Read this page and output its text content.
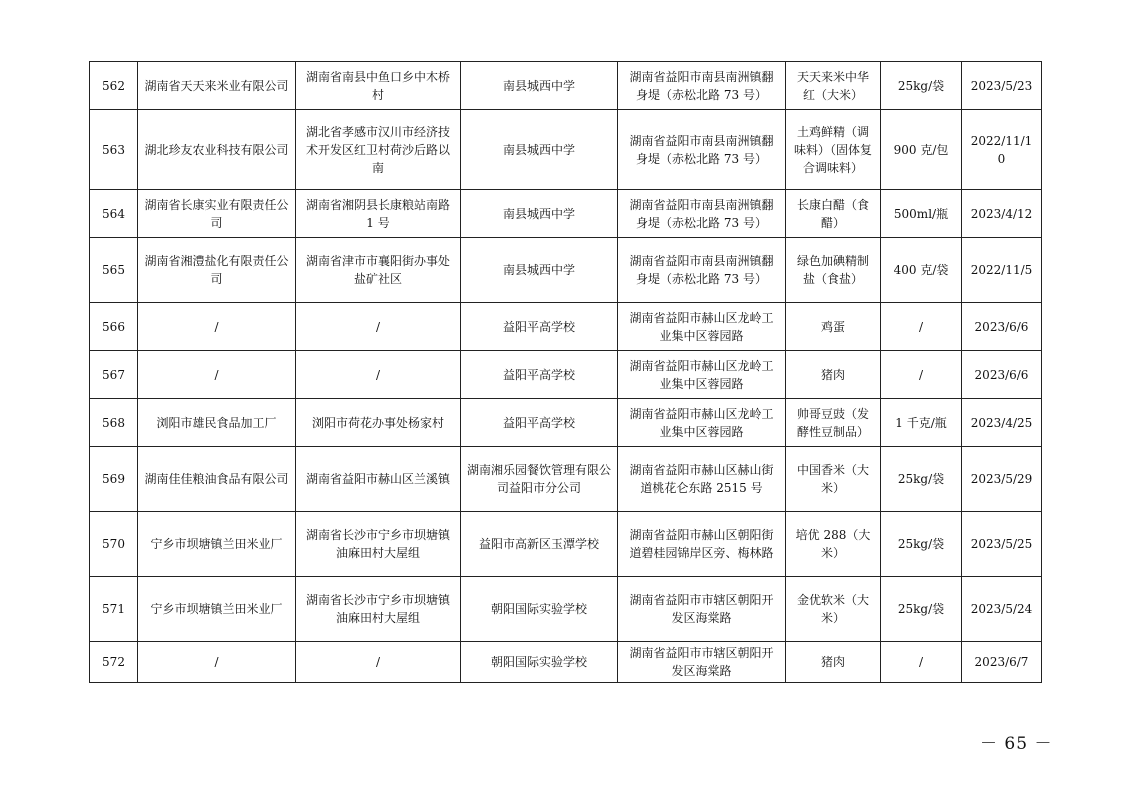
562	湖南省天天来米业有限公司	湖南省南县中鱼口乡中木桥村	南县城西中学	湖南省益阳市南县南洲镇翻身堤（赤松北路 73 号）	天天来米中华红（大米）	25kg/袋	2023/5/23
563	湖北珍友农业科技有限公司	湖北省孝感市汉川市经济技术开发区红卫村荷沙后路以南	南县城西中学	湖南省益阳市南县南洲镇翻身堤（赤松北路 73 号）	土鸡鲜精（调味料）（固体复合调味料）	900 克/包	2022/11/10
564	湖南省长康实业有限责任公司	湖南省湘阴县长康粮站南路 1 号	南县城西中学	湖南省益阳市南县南洲镇翻身堤（赤松北路 73 号）	长康白醋（食醋）	500ml/瓶	2023/4/12
565	湖南省湘澧盐化有限责任公司	湖南省津市市襄阳街办事处盐矿社区	南县城西中学	湖南省益阳市南县南洲镇翻身堤（赤松北路 73 号）	绿色加碘精制盐（食盐）	400 克/袋	2022/11/5
566	/	/	益阳平高学校	湖南省益阳市赫山区龙岭工业集中区蓉园路	鸡蛋	/	2023/6/6
567	/	/	益阳平高学校	湖南省益阳市赫山区龙岭工业集中区蓉园路	猪肉	/	2023/6/6
568	浏阳市雄民食品加工厂	浏阳市荷花办事处杨家村	益阳平高学校	湖南省益阳市赫山区龙岭工业集中区蓉园路	帅哥豆豉（发酵性豆制品）	1 千克/瓶	2023/4/25
569	湖南佳佳粮油食品有限公司	湖南省益阳市赫山区兰溪镇	湖南湘乐园餐饮管理有限公司益阳市分公司	湖南省益阳市赫山区赫山街道桃花仑东路 2515 号	中国香米（大米）	25kg/袋	2023/5/29
570	宁乡市坝塘镇兰田米业厂	湖南省长沙市宁乡市坝塘镇油麻田村大屋组	益阳市高新区玉潭学校	湖南省益阳市赫山区朝阳街道碧桂园锦岸区旁、梅林路	培优 288（大米）	25kg/袋	2023/5/25
571	宁乡市坝塘镇兰田米业厂	湖南省长沙市宁乡市坝塘镇油麻田村大屋组	朝阳国际实验学校	湖南省益阳市市辖区朝阳开发区海棠路	金优软米（大米）	25kg/袋	2023/5/24
572	/	/	朝阳国际实验学校	湖南省益阳市市辖区朝阳开发区海棠路	猪肉	/	2023/6/7
－ 65 －
